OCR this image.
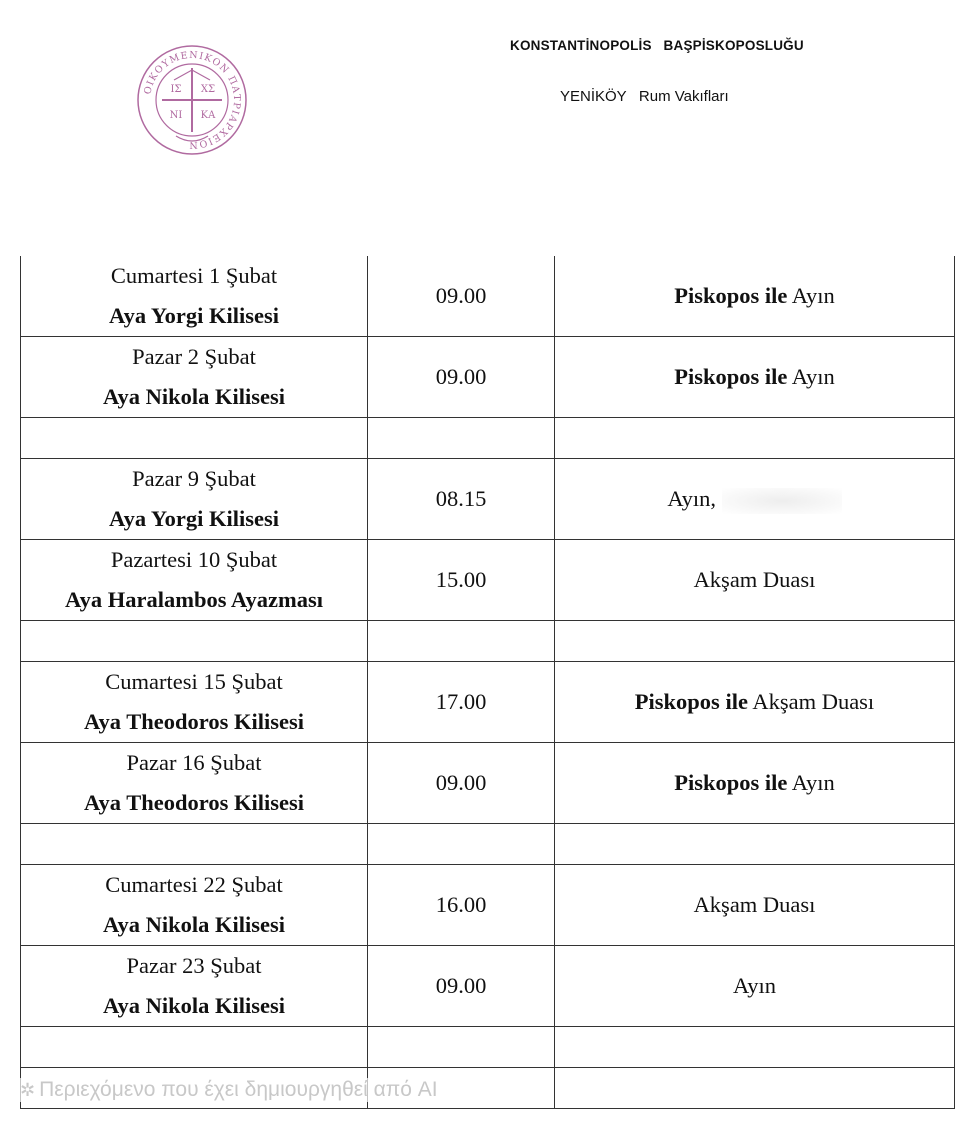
ΟΙΚΟΥΜΕΝΙΚΟΝ ΠΑΤΡΙΑΡΧΕΙΟΝ
ΙΣ ΧΣ
ΝΙ ΚΑ
KONSTANTİNOPOLİS   BAŞPİSKOPOSLUĞU
YENİKÖY   Rum Vakıfları
Cumartesi 1 Şubat
Aya Yorgi Kilisesi	09.00	Piskopos ile Ayın

Pazar 2 Şubat
Aya Nikola Kilisesi	09.00	Piskopos ile Ayın

Pazar 9 Şubat
Aya Yorgi Kilisesi	08.15	Ayın,

Pazartesi 10 Şubat
Aya Haralambos Ayazması	15.00	Akşam Duası

Cumartesi 15 Şubat
Aya Theodoros Kilisesi	17.00	Piskopos ile Akşam Duası

Pazar 16 Şubat
Aya Theodoros Kilisesi	09.00	Piskopos ile Ayın

Cumartesi 22 Şubat
Aya Nikola Kilisesi	16.00	Akşam Duası

Pazar 23 Şubat
Aya Nikola Kilisesi	09.00	Ayın

✲ Περιεχόμενο που έχει δημιουργηθεί από AI
